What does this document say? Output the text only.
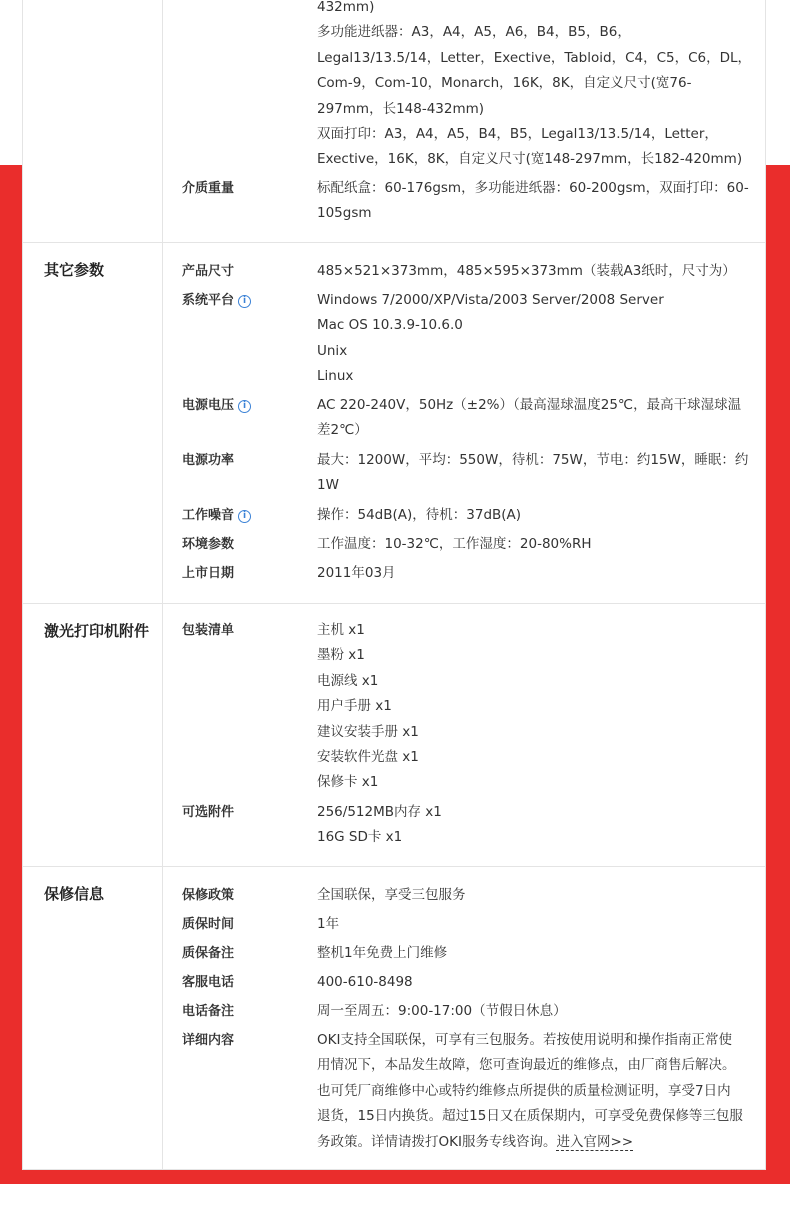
432mm)
多功能进纸器：A3，A4，A5，A6，B4，B5，B6，
Legal13/13.5/14，Letter，Exective，Tabloid，C4，C5，C6，DL，
Com-9，Com-10，Monarch，16K，8K，自定义尺寸(宽76-
297mm，长148-432mm)
双面打印：A3，A4，A5，B4，B5，Legal13/13.5/14，Letter，
Exective，16K，8K，自定义尺寸(宽148-297mm，长182-420mm)
介质重量	标配纸盒：60-176gsm，多功能进纸器：60-200gsm，双面打印：60-
105gsm
其它参数	产品尺寸	485×521×373mm，485×595×373mm（装载A3纸时，尺寸为）
系统平台 i	Windows 7/2000/XP/Vista/2003 Server/2008 Server
Mac OS 10.3.9-10.6.0
Unix
Linux
电源电压 i	AC 220-240V，50Hz（±2%）（最高湿球温度25℃，最高干球湿球温
差2℃）
电源功率	最大：1200W，平均：550W，待机：75W，节电：约15W，睡眠：约
1W
工作噪音 i	操作：54dB(A)，待机：37dB(A)
环境参数	工作温度：10-32℃，工作湿度：20-80%RH
上市日期	2011年03月
激光打印机附件	包装清单	主机 x1
墨粉 x1
电源线 x1
用户手册 x1
建议安装手册 x1
安装软件光盘 x1
保修卡 x1
可选附件	256/512MB内存 x1
16G SD卡 x1
保修信息	保修政策	全国联保，享受三包服务
质保时间	1年
质保备注	整机1年免费上门维修
客服电话	400-610-8498
电话备注	周一至周五：9:00-17:00（节假日休息）
详细内容	OKI支持全国联保，可享有三包服务。若按使用说明和操作指南正常使
用情况下，本品发生故障，您可查询最近的维修点，由厂商售后解决。
也可凭厂商维修中心或特约维修点所提供的质量检测证明，享受7日内
退货，15日内换货。超过15日又在质保期内，可享受免费保修等三包服
务政策。详情请拨打OKI服务专线咨询。进入官网>>
